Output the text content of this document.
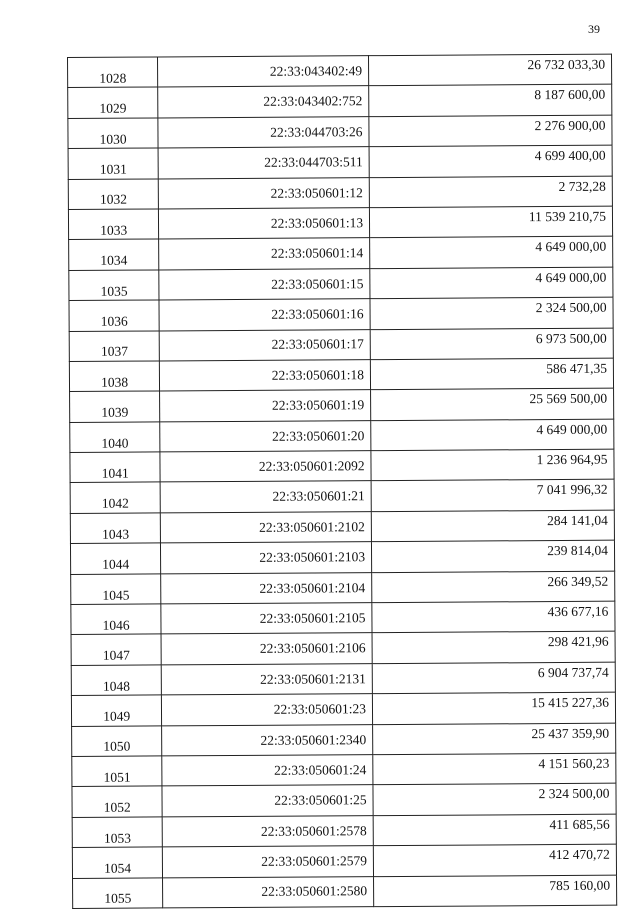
39
1028	22:33:043402:49	26 732 033,30
1029	22:33:043402:752	8 187 600,00
1030	22:33:044703:26	2 276 900,00
1031	22:33:044703:511	4 699 400,00
1032	22:33:050601:12	2 732,28
1033	22:33:050601:13	11 539 210,75
1034	22:33:050601:14	4 649 000,00
1035	22:33:050601:15	4 649 000,00
1036	22:33:050601:16	2 324 500,00
1037	22:33:050601:17	6 973 500,00
1038	22:33:050601:18	586 471,35
1039	22:33:050601:19	25 569 500,00
1040	22:33:050601:20	4 649 000,00
1041	22:33:050601:2092	1 236 964,95
1042	22:33:050601:21	7 041 996,32
1043	22:33:050601:2102	284 141,04
1044	22:33:050601:2103	239 814,04
1045	22:33:050601:2104	266 349,52
1046	22:33:050601:2105	436 677,16
1047	22:33:050601:2106	298 421,96
1048	22:33:050601:2131	6 904 737,74
1049	22:33:050601:23	15 415 227,36
1050	22:33:050601:2340	25 437 359,90
1051	22:33:050601:24	4 151 560,23
1052	22:33:050601:25	2 324 500,00
1053	22:33:050601:2578	411 685,56
1054	22:33:050601:2579	412 470,72
1055	22:33:050601:2580	785 160,00
